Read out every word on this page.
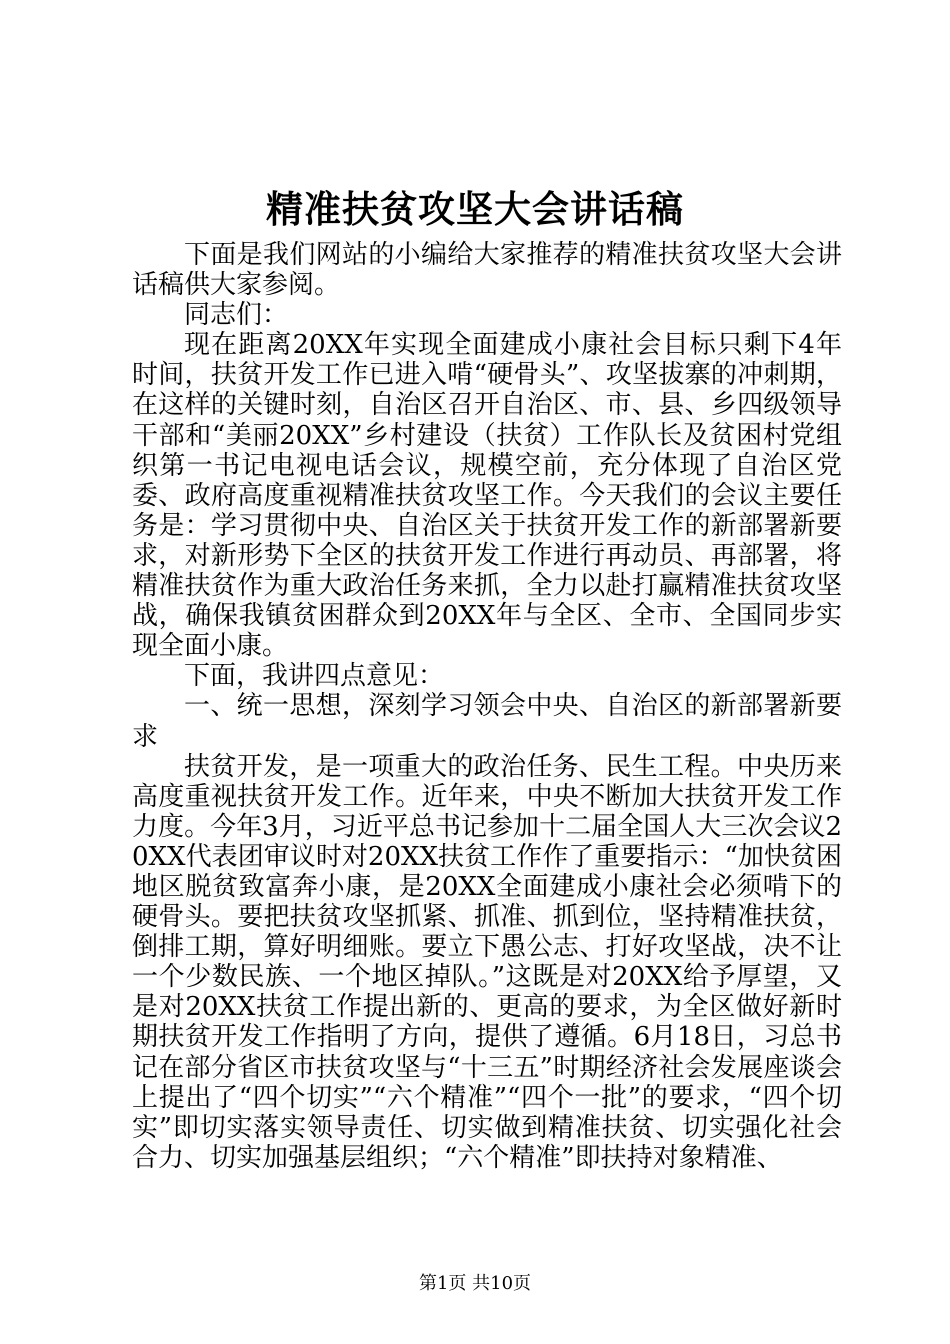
精准扶贫攻坚大会讲话稿

下面是我们网站的小编给大家推荐的精准扶贫攻坚大会讲话稿供大家参阅。

同志们：

现在距离20XX年实现全面建成小康社会目标只剩下4年时间，扶贫开发工作已进入啃“硬骨头”、攻坚拔寨的冲刺期，在这样的关键时刻，自治区召开自治区、市、县、乡四级领导干部和“美丽20XX”乡村建设（扶贫）工作队长及贫困村党组织第一书记电视电话会议，规模空前，充分体现了自治区党委、政府高度重视精准扶贫攻坚工作。今天我们的会议主要任务是：学习贯彻中央、自治区关于扶贫开发工作的新部署新要求，对新形势下全区的扶贫开发工作进行再动员、再部署，将精准扶贫作为重大政治任务来抓，全力以赴打赢精准扶贫攻坚战，确保我镇贫困群众到20XX年与全区、全市、全国同步实现全面小康。

下面，我讲四点意见：

一、统一思想，深刻学习领会中央、自治区的新部署新要求

扶贫开发，是一项重大的政治任务、民生工程。中央历来高度重视扶贫开发工作。近年来，中央不断加大扶贫开发工作力度。今年3月，习近平总书记参加十二届全国人大三次会议20XX代表团审议时对20XX扶贫工作作了重要指示：“加快贫困地区脱贫致富奔小康，是20XX全面建成小康社会必须啃下的硬骨头。要把扶贫攻坚抓紧、抓准、抓到位，坚持精准扶贫，倒排工期，算好明细账。要立下愚公志、打好攻坚战，决不让一个少数民族、一个地区掉队。”这既是对20XX给予厚望，又是对20XX扶贫工作提出新的、更高的要求，为全区做好新时期扶贫开发工作指明了方向，提供了遵循。6月18日，习总书记在部分省区市扶贫攻坚与“十三五”时期经济社会发展座谈会上提出了“四个切实”“六个精准”“四个一批”的要求，“四个切实”即切实落实领导责任、切实做到精准扶贫、切实强化社会合力、切实加强基层组织；“六个精准”即扶持对象精准、

第1页 共10页
